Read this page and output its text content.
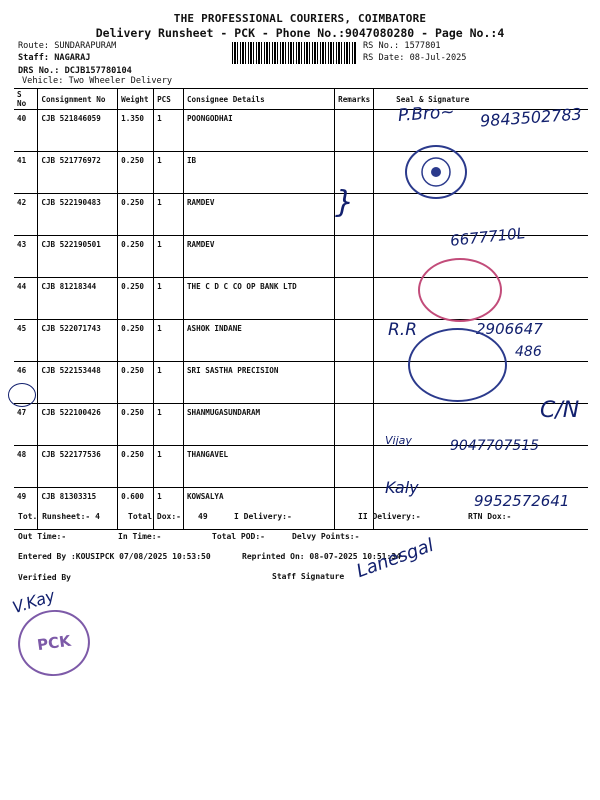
THE PROFESSIONAL COURIERS, COIMBATORE
Delivery Runsheet - PCK - Phone No.:9047080280 - Page No.:4
Route: SUNDARAPURAM
Staff: NAGARAJ
DRS No.: DCJB157780104
Vehicle: Two Wheeler Delivery
RS No.: 1577801
RS Date: 08-Jul-2025
S No	Consignment No	Weight	PCS	Consignee Details	Remarks	Seal & Signature
40	CJB 521846059	1.350	1	POONGODHAI		
41	CJB 521776972	0.250	1	IB		
42	CJB 522190483	0.250	1	RAMDEV		
43	CJB 522190501	0.250	1	RAMDEV		
44	CJB 81218344	0.250	1	THE C D C CO OP BANK LTD		
45	CJB 522071743	0.250	1	ASHOK INDANE		
46	CJB 522153448	0.250	1	SRI SASTHA PRECISION		
47	CJB 522100426	0.250	1	SHANMUGASUNDARAM		
48	CJB 522177536	0.250	1	THANGAVEL		
49	CJB 81303315	0.600	1	KOWSALYA		
P.Bro~ 9843502783
}
6677710L
R.R	2906647
486
C/N
Vijay	9047707515
Kaly
9952572641
Tot. Runsheet:- 4	Total Dox:- 49	I Delivery:-	II Delivery:-	RTN Dox:-
Out Time:-	In Time:-	Total POD:-	Delvy Points:-
Entered By :KOUSIPCK 07/08/2025 10:53:50	Reprinted On: 08-07-2025 10:51:34
Verified By	Staff Signature
V.Kay
Lanesgal
PCK
